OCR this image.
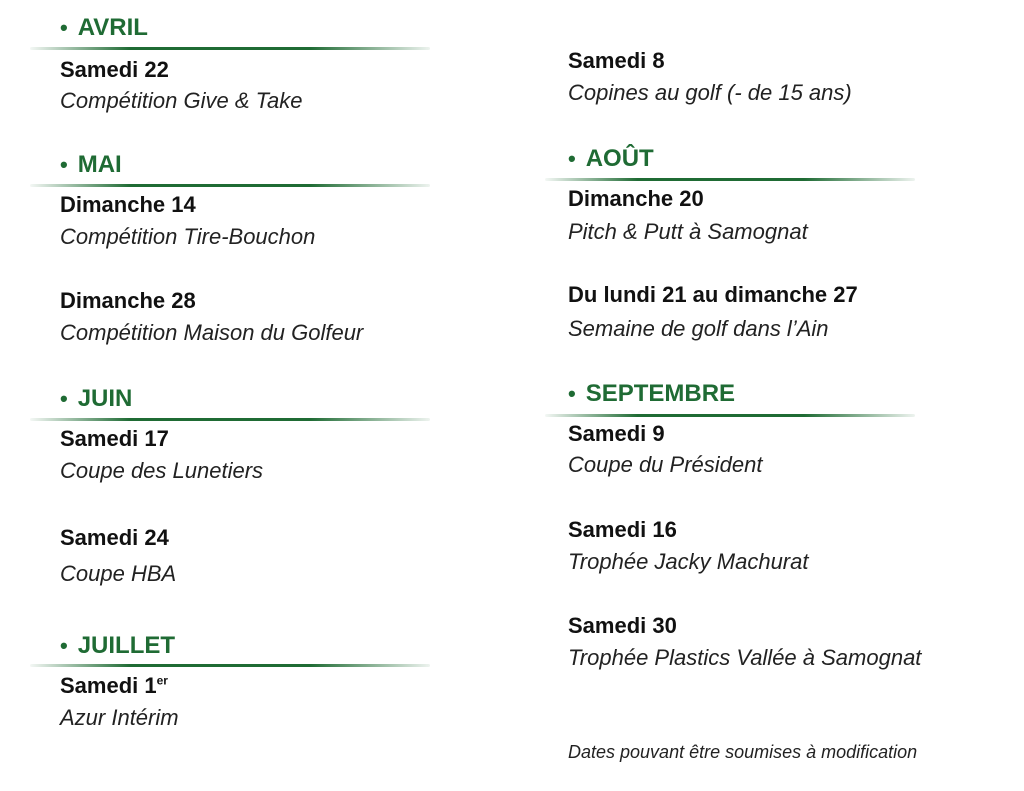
• AVRIL
Samedi 22
Compétition Give & Take
• MAI
Dimanche 14
Compétition Tire-Bouchon
Dimanche 28
Compétition Maison du Golfeur
• JUIN
Samedi 17
Coupe des Lunetiers
Samedi 24
Coupe HBA
• JUILLET
Samedi 1er
Azur Intérim
Samedi 8
Copines au golf (- de 15 ans)
• AOÛT
Dimanche 20
Pitch & Putt à Samognat
Du lundi 21 au dimanche 27
Semaine de golf dans l’Ain
• SEPTEMBRE
Samedi 9
Coupe du Président
Samedi 16
Trophée Jacky Machurat
Samedi 30
Trophée Plastics Vallée à Samognat
Dates pouvant être soumises à modification
